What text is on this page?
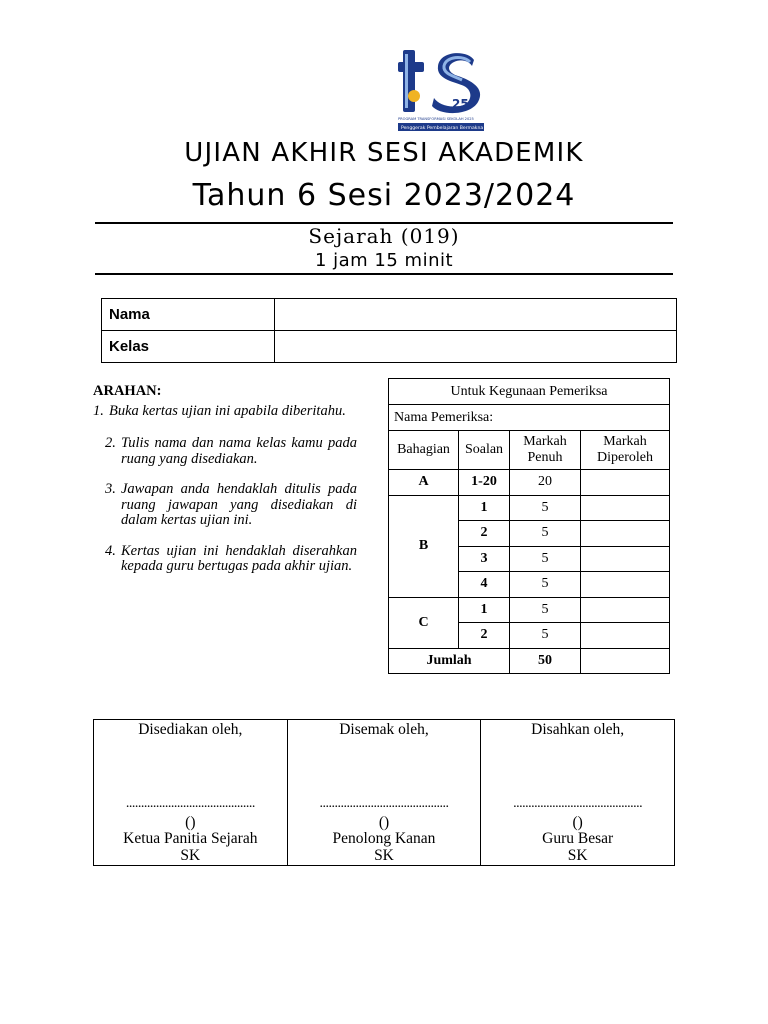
25
PROGRAM TRANSFORMASI SEKOLAH 2025
Penggerak Pembelajaran Bermakna
UJIAN AKHIR SESI AKADEMIK
Tahun 6 Sesi 2023/2024
Sejarah (019)
1 jam 15 minit
Nama	
Kelas	
ARAHAN:
1. Buka kertas ujian ini apabila diberitahu.
2. Tulis nama dan nama kelas kamu pada ruang yang disediakan.
3. Jawapan anda hendaklah ditulis pada ruang jawapan yang disediakan di dalam kertas ujian ini.
4. Kertas ujian ini hendaklah diserahkan kepada guru bertugas pada akhir ujian.
Untuk Kegunaan Pemeriksa			
Nama Pemeriksa:			
Bahagian	Soalan	Markah Penuh	Markah Diperoleh
A	1-20	20	
B	1	5	
	2	5	
	3	5	
	4	5	
C	1	5	
	2	5	
Jumlah		50	
Disediakan oleh,
...........................................
()
Ketua Panitia Sejarah
SK

Disemak oleh,
...........................................
()
Penolong Kanan
SK

Disahkan oleh,
...........................................
()
Guru Besar
SK
